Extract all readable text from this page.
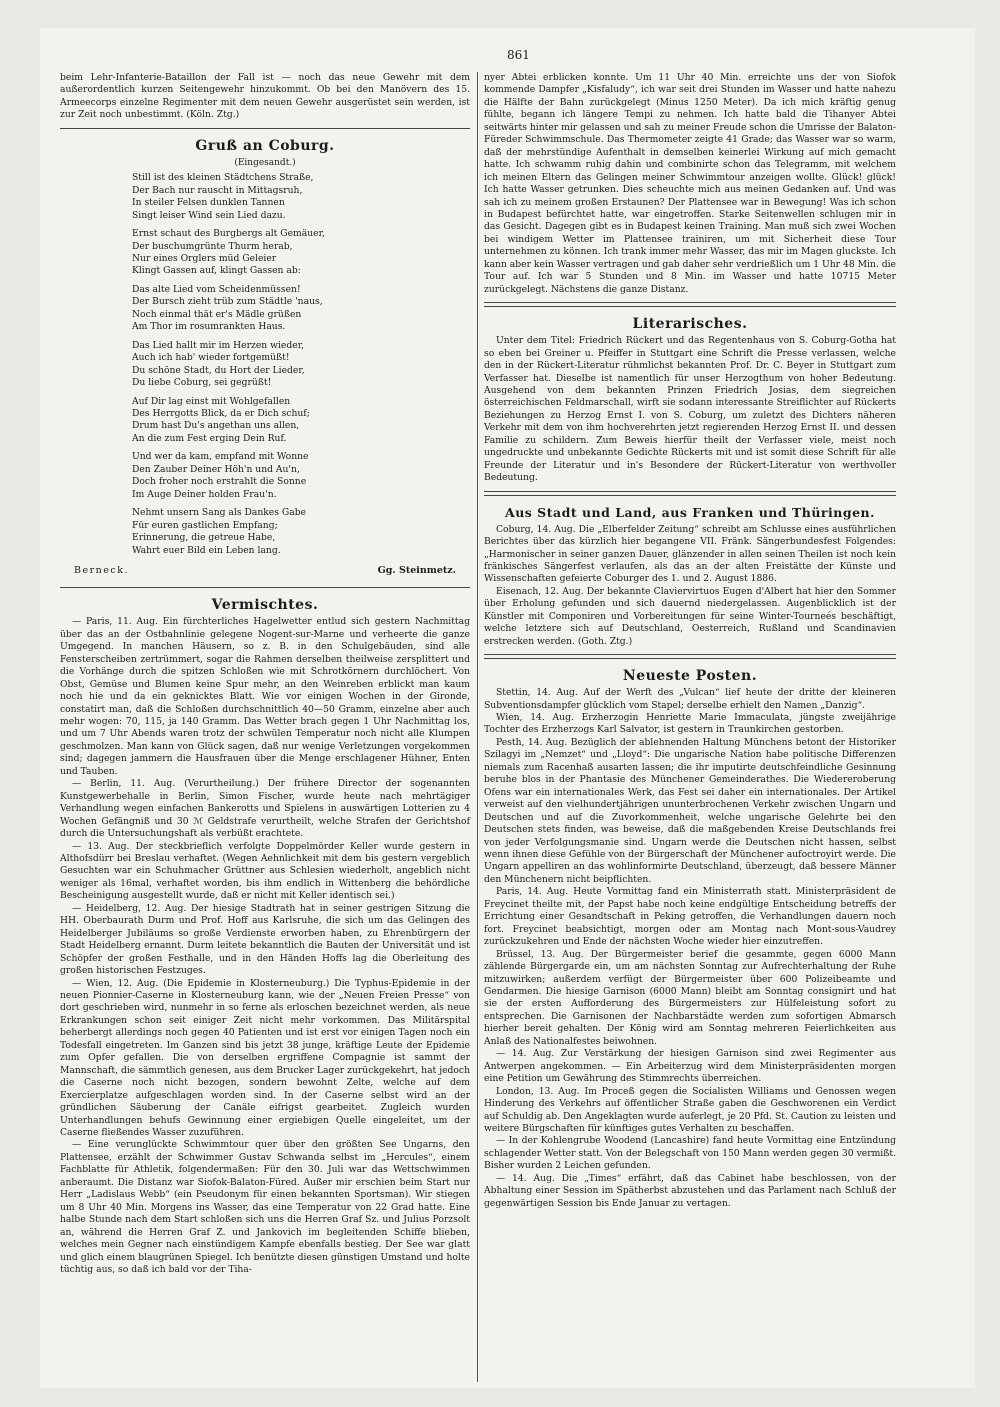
861

beim Lehr-Infanterie-Bataillon der Fall ist — noch das neue Gewehr mit dem außerordentlich kurzen Seitengewehr hinzukommt. Ob bei den Manövern des 15. Armeecorps einzelne Regimenter mit dem neuen Gewehr ausgerüstet sein werden, ist zur Zeit noch unbestimmt. (Köln. Ztg.)

Gruß an Coburg.
(Eingesandt.)
Still ist des kleinen Städtchens Straße,
Der Bach nur rauscht in Mittagsruh,
In steiler Felsen dunklen Tannen
Singt leiser Wind sein Lied dazu.
Ernst schaut des Burgbergs alt Gemäuer,
Der buschumgrünte Thurm herab,
Nur eines Orglers müd Geleier
Klingt Gassen auf, klingt Gassen ab:
Das alte Lied vom Scheidenmüssen!
Der Bursch zieht trüb zum Städtle 'naus,
Noch einmal thät er's Mädle grüßen
Am Thor im rosumrankten Haus.
Das Lied hallt mir im Herzen wieder,
Auch ich hab' wieder fortgemüßt!
Du schöne Stadt, du Hort der Lieder,
Du liebe Coburg, sei gegrüßt!
Auf Dir lag einst mit Wohlgefallen
Des Herrgotts Blick, da er Dich schuf;
Drum hast Du's angethan uns allen,
An die zum Fest erging Dein Ruf.
Und wer da kam, empfand mit Wonne
Den Zauber Deiner Höh'n und Au'n,
Doch froher noch erstrahlt die Sonne
Im Auge Deiner holden Frau'n.
Nehmt unsern Sang als Dankes Gabe
Für euren gastlichen Empfang;
Erinnerung, die getreue Habe,
Wahrt euer Bild ein Leben lang.
Berneck.	Gg. Steinmetz.
Vermischtes.

— Paris, 11. Aug. Ein fürchterliches Hagelwetter entlud sich gestern Nachmittag über das an der Ostbahnlinie gelegene Nogent-sur-Marne und verheerte die ganze Umgegend. In manchen Häusern, so z. B. in den Schulgebäuden, sind alle Fensterscheiben zertrümmert, sogar die Rahmen derselben theilweise zersplittert und die Vorhänge durch die spitzen Schloßen wie mit Schrotkörnern durchlöchert. Von Obst, Gemüse und Blumen keine Spur mehr, an den Weinreben erblickt man kaum noch hie und da ein geknicktes Blatt. Wie vor einigen Wochen in der Gironde, constatirt man, daß die Schloßen durchschnittlich 40—50 Gramm, einzelne aber auch mehr wogen: 70, 115, ja 140 Gramm. Das Wetter brach gegen 1 Uhr Nachmittag los, und um 7 Uhr Abends waren trotz der schwülen Temperatur noch nicht alle Klumpen geschmolzen. Man kann von Glück sagen, daß nur wenige Verletzungen vorgekommen sind; dagegen jammern die Hausfrauen über die Menge erschlagener Hühner, Enten und Tauben.

— Berlin, 11. Aug. (Verurtheilung.) Der frühere Director der sogenannten Kunstgewerbehalle in Berlin, Simon Fischer, wurde heute nach mehrtägiger Verhandlung wegen einfachen Bankerotts und Spielens in auswärtigen Lotterien zu 4 Wochen Gefängniß und 30 ℳ Geldstrafe verurtheilt, welche Strafen der Gerichtshof durch die Untersuchungshaft als verbüßt erachtete.

— 13. Aug. Der steckbrieflich verfolgte Doppelmörder Keller wurde gestern in Althofsdürr bei Breslau verhaftet. (Wegen Aehnlichkeit mit dem bis gestern vergeblich Gesuchten war ein Schuhmacher Grüttner aus Schlesien wiederholt, angeblich nicht weniger als 16mal, verhaftet worden, bis ihm endlich in Wittenberg die behördliche Bescheinigung ausgestellt wurde, daß er nicht mit Keller identisch sei.)

— Heidelberg, 12. Aug. Der hiesige Stadtrath hat in seiner gestrigen Sitzung die HH. Oberbaurath Durm und Prof. Hoff aus Karlsruhe, die sich um das Gelingen des Heidelberger Jubiläums so große Verdienste erworben haben, zu Ehrenbürgern der Stadt Heidelberg ernannt. Durm leitete bekanntlich die Bauten der Universität und ist Schöpfer der großen Festhalle, und in den Händen Hoffs lag die Oberleitung des großen historischen Festzuges.

— Wien, 12. Aug. (Die Epidemie in Klosterneuburg.) Die Typhus-Epidemie in der neuen Pionnier-Caserne in Klosterneuburg kann, wie der „Neuen Freien Presse“ von dort geschrieben wird, nunmehr in so ferne als erloschen bezeichnet werden, als neue Erkrankungen schon seit einiger Zeit nicht mehr vorkommen. Das Militärspital beherbergt allerdings noch gegen 40 Patienten und ist erst vor einigen Tagen noch ein Todesfall eingetreten. Im Ganzen sind bis jetzt 38 junge, kräftige Leute der Epidemie zum Opfer gefallen. Die von derselben ergriffene Compagnie ist sammt der Mannschaft, die sämmtlich genesen, aus dem Brucker Lager zurückgekehrt, hat jedoch die Caserne noch nicht bezogen, sondern bewohnt Zelte, welche auf dem Exercierplatze aufgeschlagen worden sind. In der Caserne selbst wird an der gründlichen Säuberung der Canäle eifrigst gearbeitet. Zugleich wurden Unterhandlungen behufs Gewinnung einer ergiebigen Quelle eingeleitet, um der Caserne fließendes Wasser zuzuführen.

— Eine verunglückte Schwimmtour quer über den größten See Ungarns, den Plattensee, erzählt der Schwimmer Gustav Schwanda selbst im „Hercules“, einem Fachblatte für Athletik, folgendermaßen: Für den 30. Juli war das Wettschwimmen anberaumt. Die Distanz war Siofok-Balaton-Füred. Außer mir erschien beim Start nur Herr „Ladislaus Webb“ (ein Pseudonym für einen bekannten Sportsman). Wir stiegen um 8 Uhr 40 Min. Morgens ins Wasser, das eine Temperatur von 22 Grad hatte. Eine halbe Stunde nach dem Start schloßen sich uns die Herren Graf Sz. und Julius Porzsolt an, während die Herren Graf Z. und Jankovich im begleitenden Schiffe blieben, welches mein Gegner nach einstündigem Kampfe ebenfalls bestieg. Der See war glatt und glich einem blaugrünen Spiegel. Ich benützte diesen günstigen Umstand und holte tüchtig aus, so daß ich bald vor der Tiha-

nyer Abtei erblicken konnte. Um 11 Uhr 40 Min. erreichte uns der von Siofok kommende Dampfer „Kisfaludy“, ich war seit drei Stunden im Wasser und hatte nahezu die Hälfte der Bahn zurückgelegt (Minus 1250 Meter). Da ich mich kräftig genug fühlte, begann ich längere Tempi zu nehmen. Ich hatte bald die Tihanyer Abtei seitwärts hinter mir gelassen und sah zu meiner Freude schon die Umrisse der Balaton-Füreder Schwimmschule. Das Thermometer zeigte 41 Grade; das Wasser war so warm, daß der mehrstündige Aufenthalt in demselben keinerlei Wirkung auf mich gemacht hatte. Ich schwamm ruhig dahin und combinirte schon das Telegramm, mit welchem ich meinen Eltern das Gelingen meiner Schwimmtour anzeigen wollte. Glück! glück! Ich hatte Wasser getrunken. Dies scheuchte mich aus meinen Gedanken auf. Und was sah ich zu meinem großen Erstaunen? Der Plattensee war in Bewegung! Was ich schon in Budapest befürchtet hatte, war eingetroffen. Starke Seitenwellen schlugen mir in das Gesicht. Dagegen gibt es in Budapest keinen Training. Man muß sich zwei Wochen bei windigem Wetter im Plattensee trainiren, um mit Sicherheit diese Tour unternehmen zu können. Ich trank immer mehr Wasser, das mir im Magen gluckste. Ich kann aber kein Wasser vertragen und gab daher sehr verdrießlich um 1 Uhr 48 Min. die Tour auf. Ich war 5 Stunden und 8 Min. im Wasser und hatte 10715 Meter zurückgelegt. Nächstens die ganze Distanz.

Literarisches.

Unter dem Titel: Friedrich Rückert und das Regentenhaus von S. Coburg-Gotha hat so eben bei Greiner u. Pfeiffer in Stuttgart eine Schrift die Presse verlassen, welche den in der Rückert-Literatur rühmlichst bekannten Prof. Dr. C. Beyer in Stuttgart zum Verfasser hat. Dieselbe ist namentlich für unser Herzogthum von hoher Bedeutung. Ausgehend von dem bekannten Prinzen Friedrich Josias, dem siegreichen österreichischen Feldmarschall, wirft sie sodann interessante Streiflichter auf Rückerts Beziehungen zu Herzog Ernst I. von S. Coburg, um zuletzt des Dichters näheren Verkehr mit dem von ihm hochverehrten jetzt regierenden Herzog Ernst II. und dessen Familie zu schildern. Zum Beweis hierfür theilt der Verfasser viele, meist noch ungedruckte und unbekannte Gedichte Rückerts mit und ist somit diese Schrift für alle Freunde der Literatur und in's Besondere der Rückert-Literatur von werthvoller Bedeutung.

Aus Stadt und Land, aus Franken und Thüringen.

Coburg, 14. Aug. Die „Elberfelder Zeitung“ schreibt am Schlusse eines ausführlichen Berichtes über das kürzlich hier begangene VII. Fränk. Sängerbundesfest Folgendes: „Harmonischer in seiner ganzen Dauer, glänzender in allen seinen Theilen ist noch kein fränkisches Sängerfest verlaufen, als das an der alten Freistätte der Künste und Wissenschaften gefeierte Coburger des 1. und 2. August 1886.

Eisenach, 12. Aug. Der bekannte Claviervirtuos Eugen d'Albert hat hier den Sommer über Erholung gefunden und sich dauernd niedergelassen. Augenblicklich ist der Künstler mit Componiren und Vorbereitungen für seine Winter-Tourneés beschäftigt, welche letztere sich auf Deutschland, Oesterreich, Rußland und Scandinavien erstrecken werden. (Goth. Ztg.)

Neueste Posten.

Stettin, 14. Aug. Auf der Werft des „Vulcan“ lief heute der dritte der kleineren Subventionsdampfer glücklich vom Stapel; derselbe erhielt den Namen „Danzig“.

Wien, 14. Aug. Erzherzogin Henriette Marie Immaculata, jüngste zweijährige Tochter des Erzherzogs Karl Salvator, ist gestern in Traunkirchen gestorben.

Pesth, 14. Aug. Bezüglich der ablehnenden Haltung Münchens betont der Historiker Szilagyi im „Nemzet“ und „Lloyd“: Die ungarische Nation habe politische Differenzen niemals zum Racenhaß ausarten lassen; die ihr imputirte deutschfeindliche Gesinnung beruhe blos in der Phantasie des Münchener Gemeinderathes. Die Wiedereroberung Ofens war ein internationales Werk, das Fest sei daher ein internationales. Der Artikel verweist auf den vielhundertjährigen ununterbrochenen Verkehr zwischen Ungarn und Deutschen und auf die Zuvorkommenheit, welche ungarische Gelehrte bei den Deutschen stets finden, was beweise, daß die maßgebenden Kreise Deutschlands frei von jeder Verfolgungsmanie sind. Ungarn werde die Deutschen nicht hassen, selbst wenn ihnen diese Gefühle von der Bürgerschaft der Münchener aufoctroyirt werde. Die Ungarn appelliren an das wohlinformirte Deutschland, überzeugt, daß bessere Männer den Münchenern nicht beipflichten.

Paris, 14. Aug. Heute Vormittag fand ein Ministerrath statt. Ministerpräsident de Freycinet theilte mit, der Papst habe noch keine endgültige Entscheidung betreffs der Errichtung einer Gesandtschaft in Peking getroffen, die Verhandlungen dauern noch fort. Freycinet beabsichtigt, morgen oder am Montag nach Mont-sous-Vaudrey zurückzukehren und Ende der nächsten Woche wieder hier einzutreffen.

Brüssel, 13. Aug. Der Bürgermeister berief die gesammte, gegen 6000 Mann zählende Bürgergarde ein, um am nächsten Sonntag zur Aufrechterhaltung der Ruhe mitzuwirken; außerdem verfügt der Bürgermeister über 600 Polizeibeamte und Gendarmen. Die hiesige Garnison (6000 Mann) bleibt am Sonntag consignirt und hat sie der ersten Aufforderung des Bürgermeisters zur Hülfeleistung sofort zu entsprechen. Die Garnisonen der Nachbarstädte werden zum sofortigen Abmarsch hierher bereit gehalten. Der König wird am Sonntag mehreren Feierlichkeiten aus Anlaß des Nationalfestes beiwohnen.

— 14. Aug. Zur Verstärkung der hiesigen Garnison sind zwei Regimenter aus Antwerpen angekommen. — Ein Arbeiterzug wird dem Ministerpräsidenten morgen eine Petition um Gewährung des Stimmrechts überreichen.

London, 13. Aug. Im Proceß gegen die Socialisten Williams und Genossen wegen Hinderung des Verkehrs auf öffentlicher Straße gaben die Geschworenen ein Verdict auf Schuldig ab. Den Angeklagten wurde auferlegt, je 20 Pfd. St. Caution zu leisten und weitere Bürgschaften für künftiges gutes Verhalten zu beschaffen.

— In der Kohlengrube Woodend (Lancashire) fand heute Vormittag eine Entzündung schlagender Wetter statt. Von der Belegschaft von 150 Mann werden gegen 30 vermißt. Bisher wurden 2 Leichen gefunden.

— 14. Aug. Die „Times“ erfährt, daß das Cabinet habe beschlossen, von der Abhaltung einer Session im Spätherbst abzustehen und das Parlament nach Schluß der gegenwärtigen Session bis Ende Januar zu vertagen.
